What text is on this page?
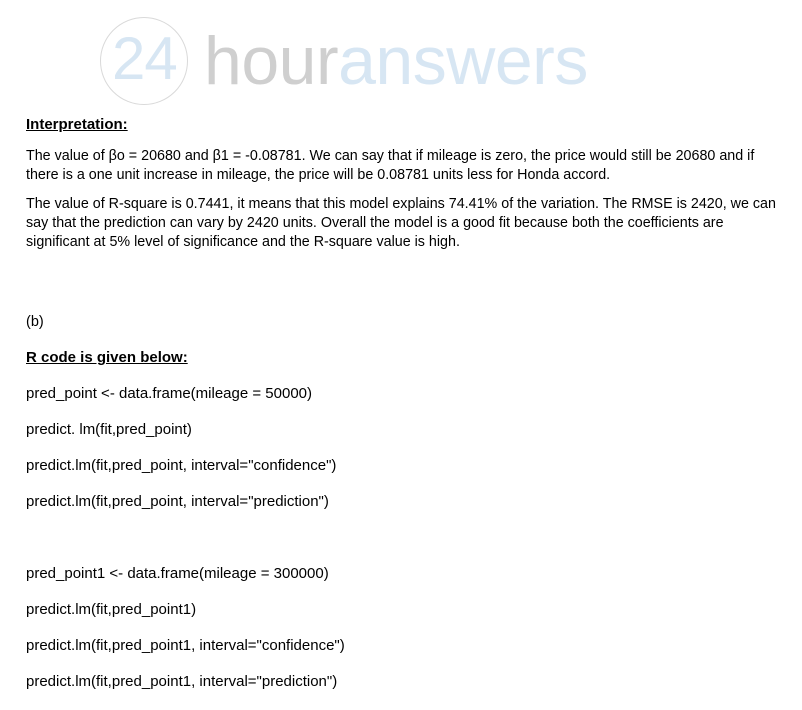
24 houranswers

Interpretation:

The value of βo = 20680 and β1 = -0.08781. We can say that if mileage is zero, the price would still be 20680 and if there is a one unit increase in mileage, the price will be 0.08781 units less for Honda accord.

The value of R-square is 0.7441, it means that this model explains 74.41% of the variation. The RMSE is 2420, we can say that the prediction can vary by 2420 units. Overall the model is a good fit because both the coefficients are significant at 5% level of significance and the R-square value is high.

(b)
R code is given below:
pred_point <- data.frame(mileage = 50000)
predict. lm(fit,pred_point)
predict.lm(fit,pred_point, interval="confidence")
predict.lm(fit,pred_point, interval="prediction")
pred_point1 <- data.frame(mileage = 300000)
predict.lm(fit,pred_point1)
predict.lm(fit,pred_point1, interval="confidence")
predict.lm(fit,pred_point1, interval="prediction")
